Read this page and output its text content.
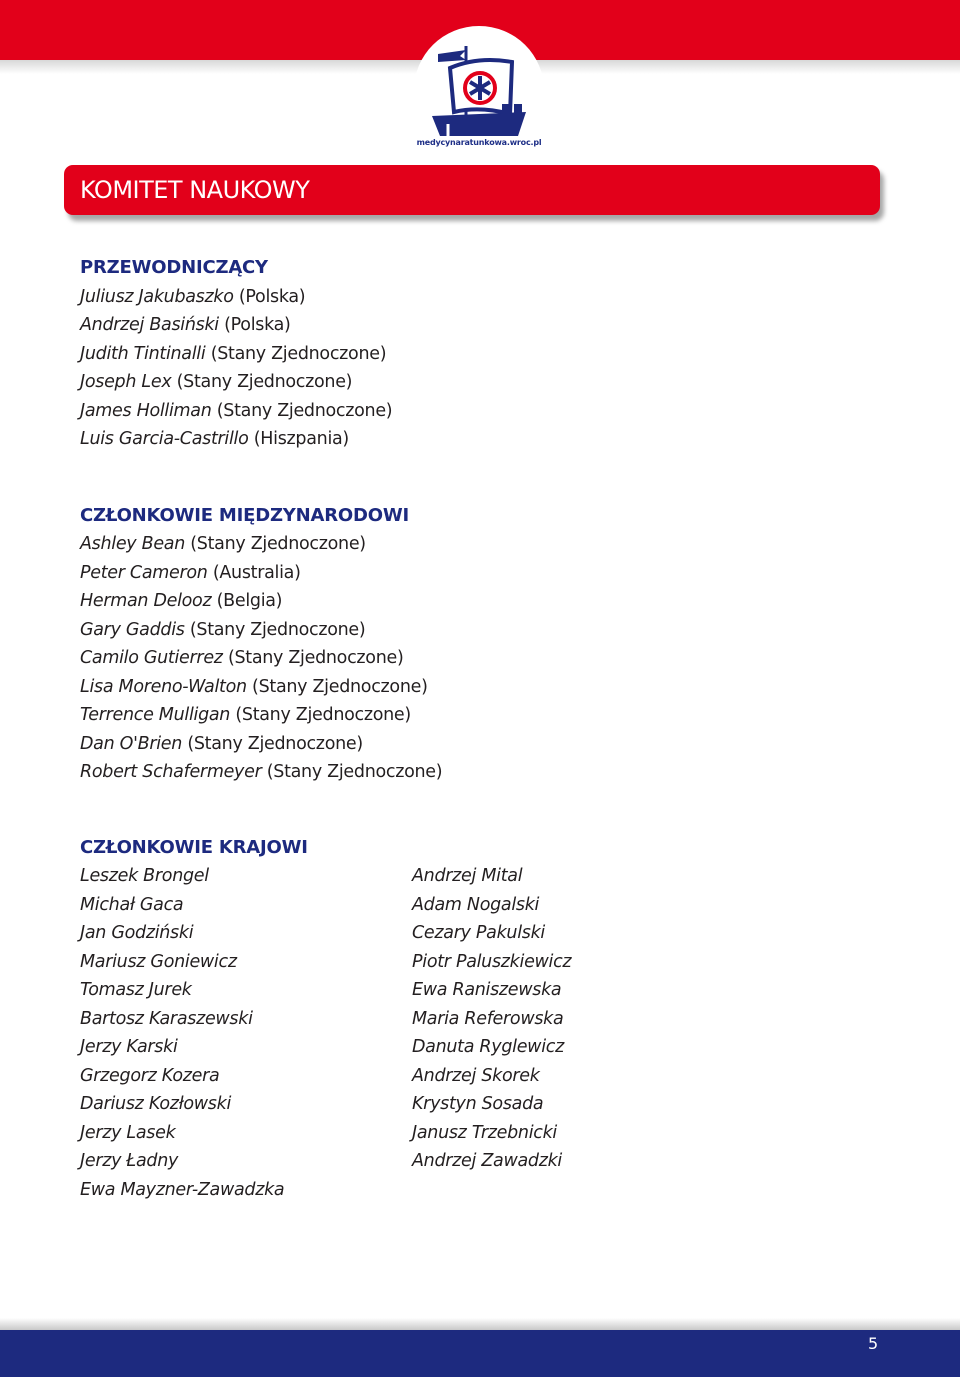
medycynaratunkowa.wroc.pl
KOMITET NAUKOWY
PRZEWODNICZĄCY
Juliusz Jakubaszko (Polska)
Andrzej Basiński (Polska)
Judith Tintinalli (Stany Zjednoczone)
Joseph Lex (Stany Zjednoczone)
James Holliman (Stany Zjednoczone)
Luis Garcia-Castrillo (Hiszpania)
CZŁONKOWIE MIĘDZYNARODOWI
Ashley Bean (Stany Zjednoczone)
Peter Cameron (Australia)
Herman Delooz (Belgia)
Gary Gaddis (Stany Zjednoczone)
Camilo Gutierrez (Stany Zjednoczone)
Lisa Moreno-Walton (Stany Zjednoczone)
Terrence Mulligan (Stany Zjednoczone)
Dan O'Brien (Stany Zjednoczone)
Robert Schafermeyer (Stany Zjednoczone)
CZŁONKOWIE KRAJOWI
Leszek Brongel
Michał Gaca
Jan Godziński
Mariusz Goniewicz
Tomasz Jurek
Bartosz Karaszewski
Jerzy Karski
Grzegorz Kozera
Dariusz Kozłowski
Jerzy Lasek
Jerzy Ładny
Ewa Mayzner-Zawadzka
Andrzej Mital
Adam Nogalski
Cezary Pakulski
Piotr Paluszkiewicz
Ewa Raniszewska
Maria Referowska
Danuta Ryglewicz
Andrzej Skorek
Krystyn Sosada
Janusz Trzebnicki
Andrzej Zawadzki
5
